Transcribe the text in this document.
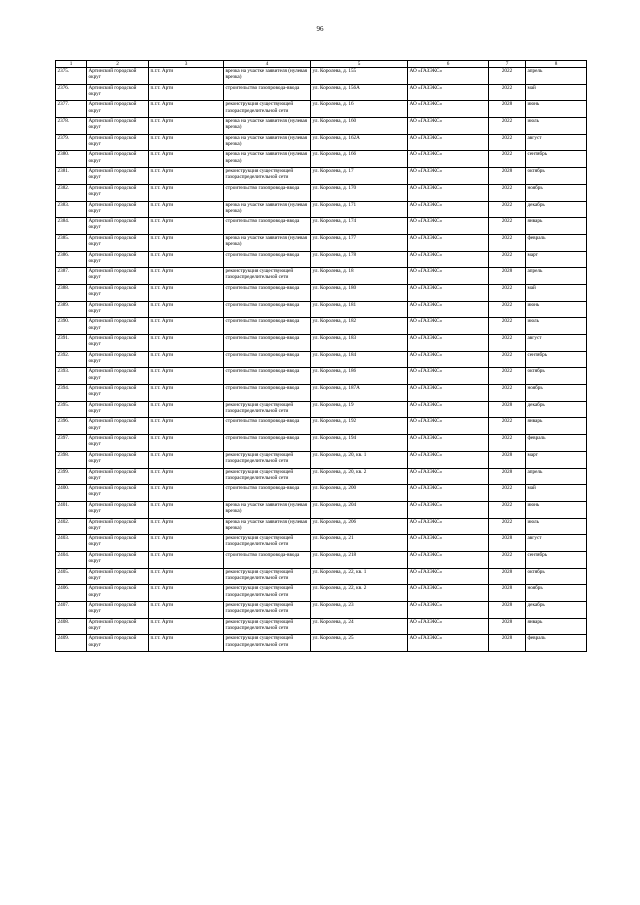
96
1	2	3	4	5	6	7	8
2375.	Артинский городской округ	п.г.т. Арти	врезка на участке заявителя (нулевая врезка)	ул. Королева, д. 155	АО «ГАЗЭКС»	2022	апрель
2376.	Артинский городской округ	п.г.т. Арти	строительство газопровода-ввода	ул. Королева, д. 156А	АО «ГАЗЭКС»	2022	май
2377.	Артинский городской округ	п.г.т. Арти	реконструкция существующей газораспределительной сети	ул. Королева, д. 16	АО «ГАЗЭКС»	2028	июнь
2378.	Артинский городской округ	п.г.т. Арти	врезка на участке заявителя (нулевая врезка)	ул. Королева, д. 160	АО «ГАЗЭКС»	2022	июль
2379.	Артинский городской округ	п.г.т. Арти	врезка на участке заявителя (нулевая врезка)	ул. Королева, д. 162А	АО «ГАЗЭКС»	2022	август
2380.	Артинский городской округ	п.г.т. Арти	врезка на участке заявителя (нулевая врезка)	ул. Королева, д. 166	АО «ГАЗЭКС»	2022	сентябрь
2381.	Артинский городской округ	п.г.т. Арти	реконструкция существующей газораспределительной сети	ул. Королева, д. 17	АО «ГАЗЭКС»	2028	октябрь
2382.	Артинский городской округ	п.г.т. Арти	строительство газопровода-ввода	ул. Королева, д. 170	АО «ГАЗЭКС»	2022	ноябрь
2383.	Артинский городской округ	п.г.т. Арти	врезка на участке заявителя (нулевая врезка)	ул. Королева, д. 171	АО «ГАЗЭКС»	2022	декабрь
2384.	Артинский городской округ	п.г.т. Арти	строительство газопровода-ввода	ул. Королева, д. 174	АО «ГАЗЭКС»	2022	январь
2385.	Артинский городской округ	п.г.т. Арти	врезка на участке заявителя (нулевая врезка)	ул. Королева, д. 177	АО «ГАЗЭКС»	2022	февраль
2386.	Артинский городской округ	п.г.т. Арти	строительство газопровода-ввода	ул. Королева, д. 178	АО «ГАЗЭКС»	2022	март
2387.	Артинский городской округ	п.г.т. Арти	реконструкция существующей газораспределительной сети	ул. Королева, д. 18	АО «ГАЗЭКС»	2028	апрель
2388.	Артинский городской округ	п.г.т. Арти	строительство газопровода-ввода	ул. Королева, д. 180	АО «ГАЗЭКС»	2022	май
2389.	Артинский городской округ	п.г.т. Арти	строительство газопровода-ввода	ул. Королева, д. 181	АО «ГАЗЭКС»	2022	июнь
2390.	Артинский городской округ	п.г.т. Арти	строительство газопровода-ввода	ул. Королева, д. 182	АО «ГАЗЭКС»	2022	июль
2391.	Артинский городской округ	п.г.т. Арти	строительство газопровода-ввода	ул. Королева, д. 183	АО «ГАЗЭКС»	2022	август
2392.	Артинский городской округ	п.г.т. Арти	строительство газопровода-ввода	ул. Королева, д. 184	АО «ГАЗЭКС»	2022	сентябрь
2393.	Артинский городской округ	п.г.т. Арти	строительство газопровода-ввода	ул. Королева, д. 186	АО «ГАЗЭКС»	2022	октябрь
2394.	Артинский городской округ	п.г.т. Арти	строительство газопровода-ввода	ул. Королева, д. 187А	АО «ГАЗЭКС»	2022	ноябрь
2395.	Артинский городской округ	п.г.т. Арти	реконструкция существующей газораспределительной сети	ул. Королева, д. 19	АО «ГАЗЭКС»	2028	декабрь
2396.	Артинский городской округ	п.г.т. Арти	строительство газопровода-ввода	ул. Королева, д. 192	АО «ГАЗЭКС»	2022	январь
2397.	Артинский городской округ	п.г.т. Арти	строительство газопровода-ввода	ул. Королева, д. 194	АО «ГАЗЭКС»	2022	февраль
2398.	Артинский городской округ	п.г.т. Арти	реконструкция существующей газораспределительной сети	ул. Королева, д. 20, кв. 1	АО «ГАЗЭКС»	2028	март
2399.	Артинский городской округ	п.г.т. Арти	реконструкция существующей газораспределительной сети	ул. Королева, д. 20, кв. 2	АО «ГАЗЭКС»	2028	апрель
2400.	Артинский городской округ	п.г.т. Арти	строительство газопровода-ввода	ул. Королева, д. 200	АО «ГАЗЭКС»	2022	май
2401.	Артинский городской округ	п.г.т. Арти	врезка на участке заявителя (нулевая врезка)	ул. Королева, д. 204	АО «ГАЗЭКС»	2022	июнь
2402.	Артинский городской округ	п.г.т. Арти	врезка на участке заявителя (нулевая врезка)	ул. Королева, д. 206	АО «ГАЗЭКС»	2022	июль
2403.	Артинский городской округ	п.г.т. Арти	реконструкция существующей газораспределительной сети	ул. Королева, д. 21	АО «ГАЗЭКС»	2028	август
2404.	Артинский городской округ	п.г.т. Арти	строительство газопровода-ввода	ул. Королева, д. 218	АО «ГАЗЭКС»	2022	сентябрь
2405.	Артинский городской округ	п.г.т. Арти	реконструкция существующей газораспределительной сети	ул. Королева, д. 22, кв. 1	АО «ГАЗЭКС»	2028	октябрь
2406.	Артинский городской округ	п.г.т. Арти	реконструкция существующей газораспределительной сети	ул. Королева, д. 22, кв. 2	АО «ГАЗЭКС»	2028	ноябрь
2407.	Артинский городской округ	п.г.т. Арти	реконструкция существующей газораспределительной сети	ул. Королева, д. 23	АО «ГАЗЭКС»	2028	декабрь
2408.	Артинский городской округ	п.г.т. Арти	реконструкция существующей газораспределительной сети	ул. Королева, д. 24	АО «ГАЗЭКС»	2028	январь
2409.	Артинский городской округ	п.г.т. Арти	реконструкция существующей газораспределительной сети	ул. Королева, д. 25	АО «ГАЗЭКС»	2028	февраль
